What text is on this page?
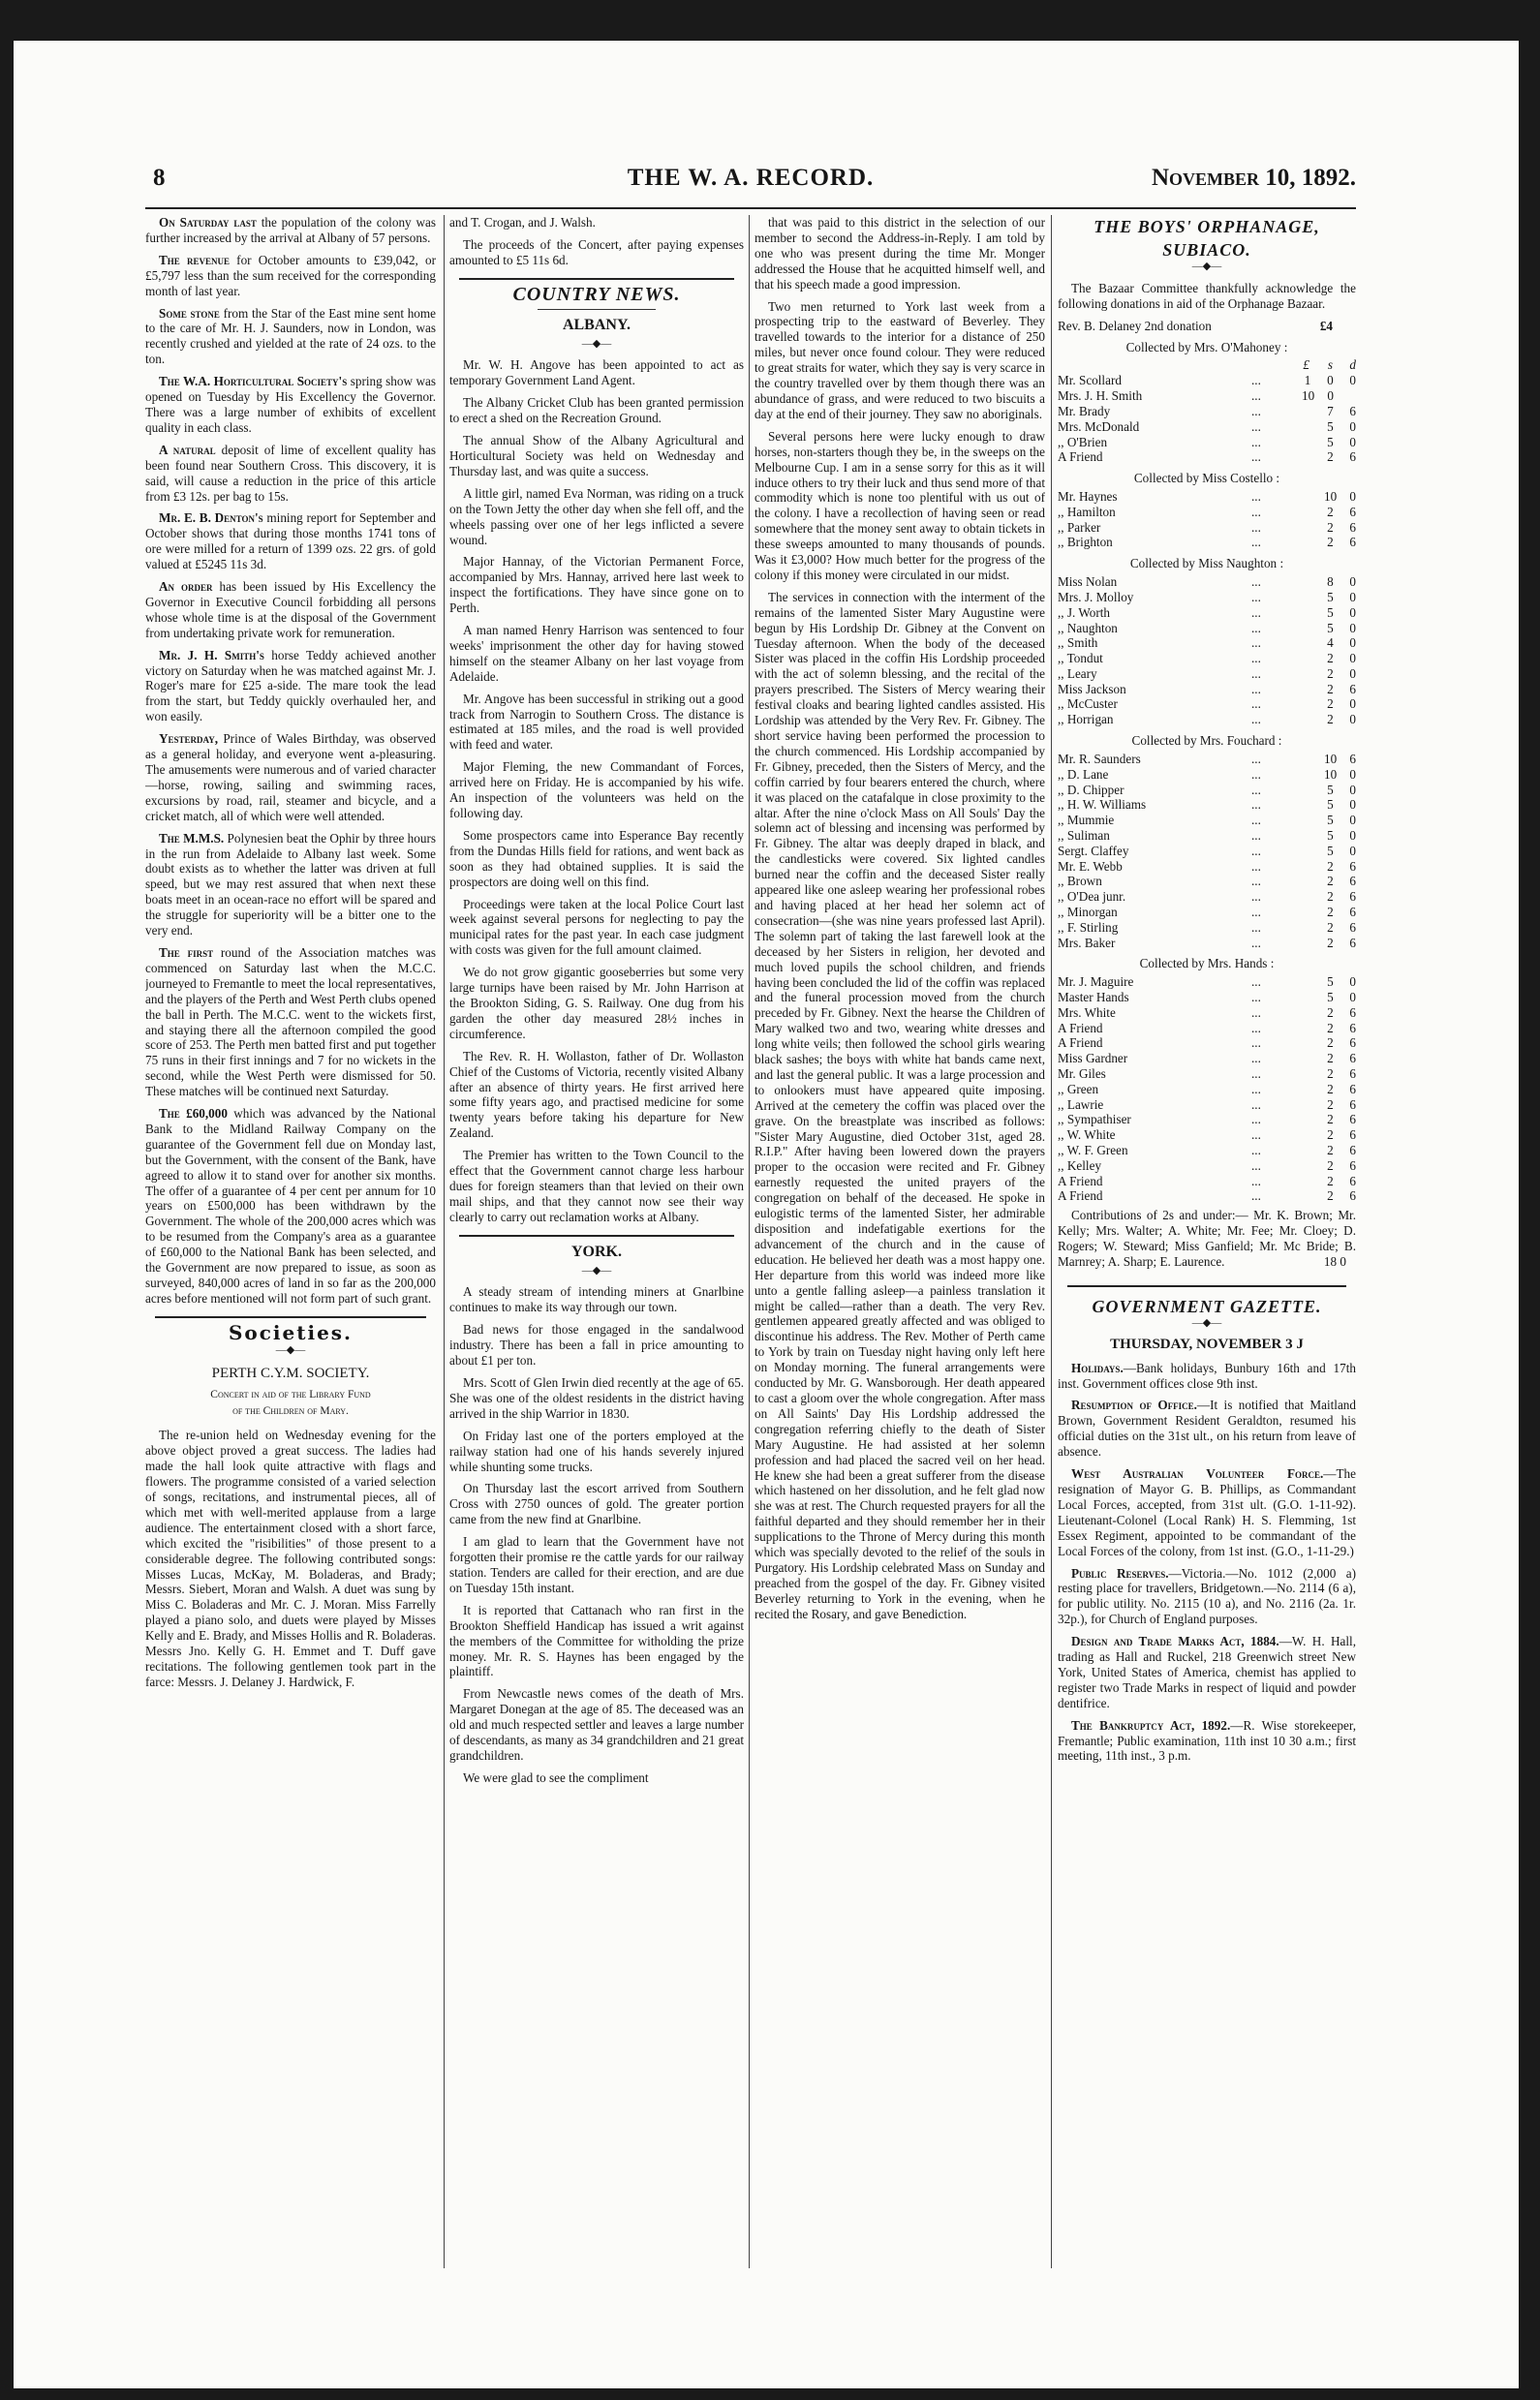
8	THE W. A. RECORD.	November 10, 1892.

On Saturday last the population of the colony was further increased by the arrival at Albany of 57 persons.

The revenue for October amounts to £39,042, or £5,797 less than the sum received for the corresponding month of last year.

Some stone from the Star of the East mine sent home to the care of Mr. H. J. Saunders, now in London, was recently crushed and yielded at the rate of 24 ozs. to the ton.

The W.A. Horticultural Society's spring show was opened on Tuesday by His Excellency the Governor. There was a large number of exhibits of excellent quality in each class.

A natural deposit of lime of excellent quality has been found near Southern Cross. This discovery, it is said, will cause a reduction in the price of this article from £3 12s. per bag to 15s.

Mr. E. B. Denton's mining report for September and October shows that during those months 1741 tons of ore were milled for a return of 1399 ozs. 22 grs. of gold valued at £5245 11s 3d.

An order has been issued by His Excellency the Governor in Executive Council forbidding all persons whose whole time is at the disposal of the Government from undertaking private work for remuneration.

Mr. J. H. Smith's horse Teddy achieved another victory on Saturday when he was matched against Mr. J. Roger's mare for £25 a-side. The mare took the lead from the start, but Teddy quickly overhauled her, and won easily.

Yesterday, Prince of Wales Birthday, was observed as a general holiday, and everyone went a-pleasuring. The amusements were numerous and of varied character—horse, rowing, sailing and swimming races, excursions by road, rail, steamer and bicycle, and a cricket match, all of which were well attended.

The M.M.S. Polynesien beat the Ophir by three hours in the run from Adelaide to Albany last week. Some doubt exists as to whether the latter was driven at full speed, but we may rest assured that when next these boats meet in an ocean-race no effort will be spared and the struggle for superiority will be a bitter one to the very end.

The first round of the Association matches was commenced on Saturday last when the M.C.C. journeyed to Fremantle to meet the local representatives, and the players of the Perth and West Perth clubs opened the ball in Perth. The M.C.C. went to the wickets first, and staying there all the afternoon compiled the good score of 253. The Perth men batted first and put together 75 runs in their first innings and 7 for no wickets in the second, while the West Perth were dismissed for 50. These matches will be continued next Saturday.

The £60,000 which was advanced by the National Bank to the Midland Railway Company on the guarantee of the Government fell due on Monday last, but the Government, with the consent of the Bank, have agreed to allow it to stand over for another six months. The offer of a guarantee of 4 per cent per annum for 10 years on £500,000 has been withdrawn by the Government. The whole of the 200,000 acres which was to be resumed from the Company's area as a guarantee of £60,000 to the National Bank has been selected, and the Government are now prepared to issue, as soon as surveyed, 840,000 acres of land in so far as the 200,000 acres before mentioned will not form part of such grant.

Societies.
—◆—
PERTH C.Y.M. SOCIETY.
Concert in aid of the Library Fund
of the Children of Mary.

The re-union held on Wednesday evening for the above object proved a great success. The ladies had made the hall look quite attractive with flags and flowers. The programme consisted of a varied selection of songs, recitations, and instrumental pieces, all of which met with well-merited applause from a large audience. The entertainment closed with a short farce, which excited the "risibilities" of those present to a considerable degree. The following contributed songs: Misses Lucas, McKay, M. Boladeras, and Brady; Messrs. Siebert, Moran and Walsh. A duet was sung by Miss C. Boladeras and Mr. C. J. Moran. Miss Farrelly played a piano solo, and duets were played by Misses Kelly and E. Brady, and Misses Hollis and R. Boladeras. Messrs Jno. Kelly G. H. Emmet and T. Duff gave recitations. The following gentlemen took part in the farce: Messrs. J. Delaney J. Hardwick, F.

and T. Crogan, and J. Walsh.

The proceeds of the Concert, after paying expenses amounted to £5 11s 6d.

COUNTRY NEWS.
ALBANY.
—◆—

Mr. W. H. Angove has been appointed to act as temporary Government Land Agent.

The Albany Cricket Club has been granted permission to erect a shed on the Recreation Ground.

The annual Show of the Albany Agricultural and Horticultural Society was held on Wednesday and Thursday last, and was quite a success.

A little girl, named Eva Norman, was riding on a truck on the Town Jetty the other day when she fell off, and the wheels passing over one of her legs inflicted a severe wound.

Major Hannay, of the Victorian Permanent Force, accompanied by Mrs. Hannay, arrived here last week to inspect the fortifications. They have since gone on to Perth.

A man named Henry Harrison was sentenced to four weeks' imprisonment the other day for having stowed himself on the steamer Albany on her last voyage from Adelaide.

Mr. Angove has been successful in striking out a good track from Narrogin to Southern Cross. The distance is estimated at 185 miles, and the road is well provided with feed and water.

Major Fleming, the new Commandant of Forces, arrived here on Friday. He is accompanied by his wife. An inspection of the volunteers was held on the following day.

Some prospectors came into Esperance Bay recently from the Dundas Hills field for rations, and went back as soon as they had obtained supplies. It is said the prospectors are doing well on this find.

Proceedings were taken at the local Police Court last week against several persons for neglecting to pay the municipal rates for the past year. In each case judgment with costs was given for the full amount claimed.

We do not grow gigantic gooseberries but some very large turnips have been raised by Mr. John Harrison at the Brookton Siding, G. S. Railway. One dug from his garden the other day measured 28½ inches in circumference.

The Rev. R. H. Wollaston, father of Dr. Wollaston Chief of the Customs of Victoria, recently visited Albany after an absence of thirty years. He first arrived here some fifty years ago, and practised medicine for some twenty years before taking his departure for New Zealand.

The Premier has written to the Town Council to the effect that the Government cannot charge less harbour dues for foreign steamers than that levied on their own mail ships, and that they cannot now see their way clearly to carry out reclamation works at Albany.

YORK.
—◆—

A steady stream of intending miners at Gnarlbine continues to make its way through our town.

Bad news for those engaged in the sandalwood industry. There has been a fall in price amounting to about £1 per ton.

Mrs. Scott of Glen Irwin died recently at the age of 65. She was one of the oldest residents in the district having arrived in the ship Warrior in 1830.

On Friday last one of the porters employed at the railway station had one of his hands severely injured while shunting some trucks.

On Thursday last the escort arrived from Southern Cross with 2750 ounces of gold. The greater portion came from the new find at Gnarlbine.

I am glad to learn that the Government have not forgotten their promise re the cattle yards for our railway station. Tenders are called for their erection, and are due on Tuesday 15th instant.

It is reported that Cattanach who ran first in the Brookton Sheffield Handicap has issued a writ against the members of the Committee for witholding the prize money. Mr. R. S. Haynes has been engaged by the plaintiff.

From Newcastle news comes of the death of Mrs. Margaret Donegan at the age of 85. The deceased was an old and much respected settler and leaves a large number of descendants, as many as 34 grandchildren and 21 great grandchildren.

We were glad to see the compliment

that was paid to this district in the selection of our member to second the Address-in-Reply. I am told by one who was present during the time Mr. Monger addressed the House that he acquitted himself well, and that his speech made a good impression.

Two men returned to York last week from a prospecting trip to the eastward of Beverley. They travelled towards to the interior for a distance of 250 miles, but never once found colour. They were reduced to great straits for water, which they say is very scarce in the country travelled over by them though there was an abundance of grass, and were reduced to two biscuits a day at the end of their journey. They saw no aboriginals.

Several persons here were lucky enough to draw horses, non-starters though they be, in the sweeps on the Melbourne Cup. I am in a sense sorry for this as it will induce others to try their luck and thus send more of that commodity which is none too plentiful with us out of the colony. I have a recollection of having seen or read somewhere that the money sent away to obtain tickets in these sweeps amounted to many thousands of pounds. Was it £3,000? How much better for the progress of the colony if this money were circulated in our midst.

The services in connection with the interment of the remains of the lamented Sister Mary Augustine were begun by His Lordship Dr. Gibney at the Convent on Tuesday afternoon. When the body of the deceased Sister was placed in the coffin His Lordship proceeded with the act of solemn blessing, and the recital of the prayers prescribed. The Sisters of Mercy wearing their festival cloaks and bearing lighted candles assisted. His Lordship was attended by the Very Rev. Fr. Gibney. The short service having been performed the procession to the church commenced. His Lordship accompanied by Fr. Gibney, preceded, then the Sisters of Mercy, and the coffin carried by four bearers entered the church, where it was placed on the catafalque in close proximity to the altar. After the nine o'clock Mass on All Souls' Day the solemn act of blessing and incensing was performed by Fr. Gibney. The altar was deeply draped in black, and the candlesticks were covered. Six lighted candles burned near the coffin and the deceased Sister really appeared like one asleep wearing her professional robes and having placed at her head her solemn act of consecration—(she was nine years professed last April). The solemn part of taking the last farewell look at the deceased by her Sisters in religion, her devoted and much loved pupils the school children, and friends having been concluded the lid of the coffin was replaced and the funeral procession moved from the church preceded by Fr. Gibney. Next the hearse the Children of Mary walked two and two, wearing white dresses and long white veils; then followed the school girls wearing black sashes; the boys with white hat bands came next, and last the general public. It was a large procession and to onlookers must have appeared quite imposing. Arrived at the cemetery the coffin was placed over the grave. On the breastplate was inscribed as follows: "Sister Mary Augustine, died October 31st, aged 28. R.I.P." After having been lowered down the prayers proper to the occasion were recited and Fr. Gibney earnestly requested the united prayers of the congregation on behalf of the deceased. He spoke in eulogistic terms of the lamented Sister, her admirable disposition and indefatigable exertions for the advancement of the church and in the cause of education. He believed her death was a most happy one. Her departure from this world was indeed more like unto a gentle falling asleep—a painless translation it might be called—rather than a death. The very Rev. gentlemen appeared greatly affected and was obliged to discontinue his address. The Rev. Mother of Perth came to York by train on Tuesday night having only left here on Monday morning. The funeral arrangements were conducted by Mr. G. Wansborough. Her death appeared to cast a gloom over the whole congregation. After mass on All Saints' Day His Lordship addressed the congregation referring chiefly to the death of Sister Mary Augustine. He had assisted at her solemn profession and had placed the sacred veil on her head. He knew she had been a great sufferer from the disease which hastened on her dissolution, and he felt glad now she was at rest. The Church requested prayers for all the faithful departed and they should remember her in their supplications to the Throne of Mercy during this month which was specially devoted to the relief of the souls in Purgatory. His Lordship celebrated Mass on Sunday and preached from the gospel of the day. Fr. Gibney visited Beverley returning to York in the evening, when he recited the Rosary, and gave Benediction.

THE BOYS' ORPHANAGE,
SUBIACO.
—◆—

The Bazaar Committee thankfully acknowledge the following donations in aid of the Orphanage Bazaar.

Rev. B. Delaney 2nd donation	£4
Collected by Mrs. O'Mahoney :
£	s d
Mr. Scollard	...	1 0 0
Mrs. J. H. Smith	...	10 0
Mr. Brady	...	7 6
Mrs. McDonald	...	5 0
,, O'Brien	...	5 0
A Friend	...	2 6
Collected by Miss Costello :
Mr. Haynes	...	10 0
,, Hamilton	...	2 6
,, Parker	...	2 6
,, Brighton	...	2 6
Collected by Miss Naughton :
Miss Nolan	...	8 0
Mrs. J. Molloy	...	5 0
,, J. Worth	...	5 0
,, Naughton	...	5 0
,, Smith	...	4 0
,, Tondut	...	2 0
,, Leary	...	2 0
Miss Jackson	...	2 6
,, McCuster	...	2 0
,, Horrigan	...	2 0
Collected by Mrs. Fouchard :
Mr. R. Saunders	...	10 6
,, D. Lane	...	10 0
,, D. Chipper	...	5 0
,, H. W. Williams	...	5 0
,, Mummie	...	5 0
,, Suliman	...	5 0
Sergt. Claffey	...	5 0
Mr. E. Webb	...	2 6
,, Brown	...	2 6
,, O'Dea junr.	...	2 6
,, Minorgan	...	2 6
,, F. Stirling	...	2 6
Mrs. Baker	...	2 6
Collected by Mrs. Hands :
Mr. J. Maguire	...	5 0
Master Hands	...	5 0
Mrs. White	...	2 6
A Friend	...	2 6
A Friend	...	2 6
Miss Gardner	...	2 6
Mr. Giles	...	2 6
,, Green	...	2 6
,, Lawrie	...	2 6
,, Sympathiser	...	2 6
,, W. White	...	2 6
,, W. F. Green	...	2 6
,, Kelley	...	2 6
A Friend	...	2 6
A Friend	...	2 6

Contributions of 2s and under:— Mr. K. Brown; Mr. Kelly; Mrs. Walter; A. White; Mr. Fee; Mr. Cloey; D. Rogers; W. Steward; Miss Ganfield; Mr. Mc Bride; B. Marnrey; A. Sharp; E. Laurence.	18 0

GOVERNMENT GAZETTE.
—◆—
THURSDAY, NOVEMBER 3 J

Holidays.—Bank holidays, Bunbury 16th and 17th inst. Government offices close 9th inst.

Resumption of Office.—It is notified that Maitland Brown, Government Resident Geraldton, resumed his official duties on the 31st ult., on his return from leave of absence.

West Australian Volunteer Force.—The resignation of Mayor G. B. Phillips, as Commandant Local Forces, accepted, from 31st ult. (G.O. 1-11-92). Lieutenant-Colonel (Local Rank) H. S. Flemming, 1st Essex Regiment, appointed to be commandant of the Local Forces of the colony, from 1st inst. (G.O., 1-11-29.)

Public Reserves.—Victoria.—No. 1012 (2,000 a) resting place for travellers, Bridgetown.—No. 2114 (6 a), for public utility. No. 2115 (10 a), and No. 2116 (2a. 1r. 32p.), for Church of England purposes.

Design and Trade Marks Act, 1884.—W. H. Hall, trading as Hall and Ruckel, 218 Greenwich street New York, United States of America, chemist has applied to register two Trade Marks in respect of liquid and powder dentifrice.

The Bankruptcy Act, 1892.—R. Wise storekeeper, Fremantle; Public examination, 11th inst 10 30 a.m.; first meeting, 11th inst., 3 p.m.
